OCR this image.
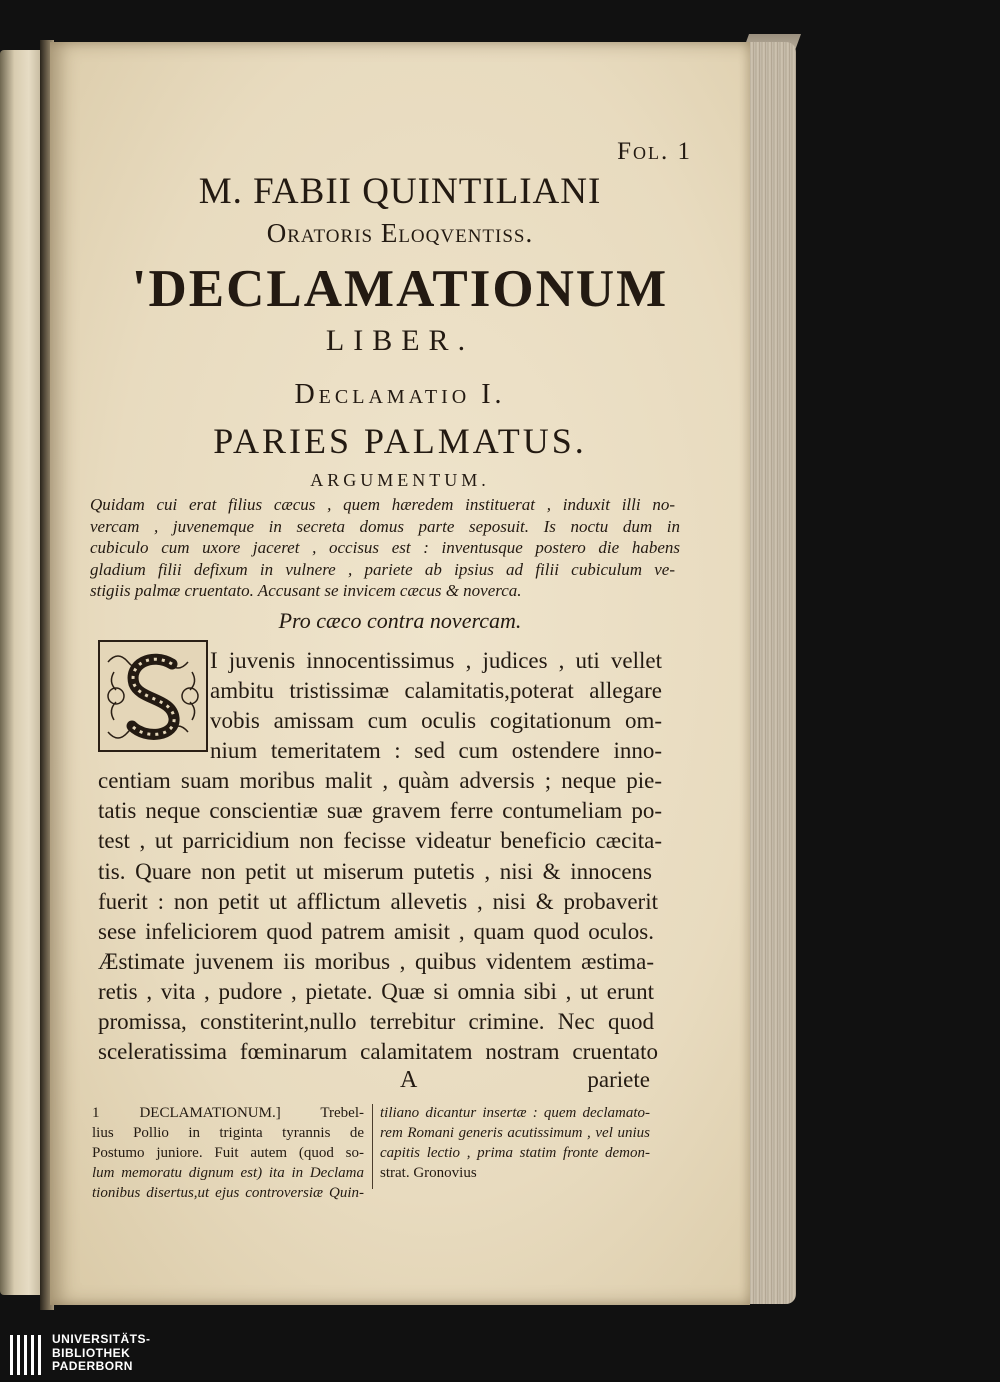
Fol. 1
M. FABII QUINTILIANI
Oratoris Eloqventiss.
'DECLAMATIONUM
LIBER.
Declamatio I.
PARIES PALMATUS.
ARGUMENTUM.
Quidam cui erat filius cæcus , quem hæredem instituerat , induxit illi no-
vercam , juvenemque in secreta domus parte seposuit. Is noctu dum in
cubiculo cum uxore jaceret , occisus est : inventusque postero die habens
gladium filii defixum in vulnere , pariete ab ipsius ad filii cubiculum ve-
stigiis palmæ cruentato. Accusant se invicem cæcus & noverca.
Pro cæco contra novercam.
I juvenis innocentissimus , judices , uti vellet
ambitu tristissimæ calamitatis,poterat allegare
vobis amissam cum oculis cogitationum om-
nium temeritatem : sed cum ostendere inno-
centiam suam moribus malit , quàm adversis ; neque pie-
tatis neque conscientiæ suæ gravem ferre contumeliam po-
test , ut parricidium non fecisse videatur beneficio cæcita-
tis. Quare non petit ut miserum putetis , nisi & innocens
fuerit : non petit ut afflictum allevetis , nisi & probaverit
sese infeliciorem quod patrem amisit , quam quod oculos.
Æstimate juvenem iis moribus , quibus videntem æstima-
retis , vita , pudore , pietate. Quæ si omnia sibi , ut erunt
promissa, constiterint,nullo terrebitur crimine. Nec quod
sceleratissima fœminarum calamitatem nostram cruentato
A	pariete
1 DECLAMATIONUM.] Trebel-
lius Pollio in triginta tyrannis de
Postumo juniore. Fuit autem (quod so-
lum memoratu dignum est) ita in Declama
tionibus disertus,ut ejus controversiæ Quin-
tiliano dicantur insertæ : quem declamato-
rem Romani generis acutissimum , vel unius
capitis lectio , prima statim fronte demon-
strat. Gronovius
UNIVERSITÄTS-
BIBLIOTHEK
PADERBORN
